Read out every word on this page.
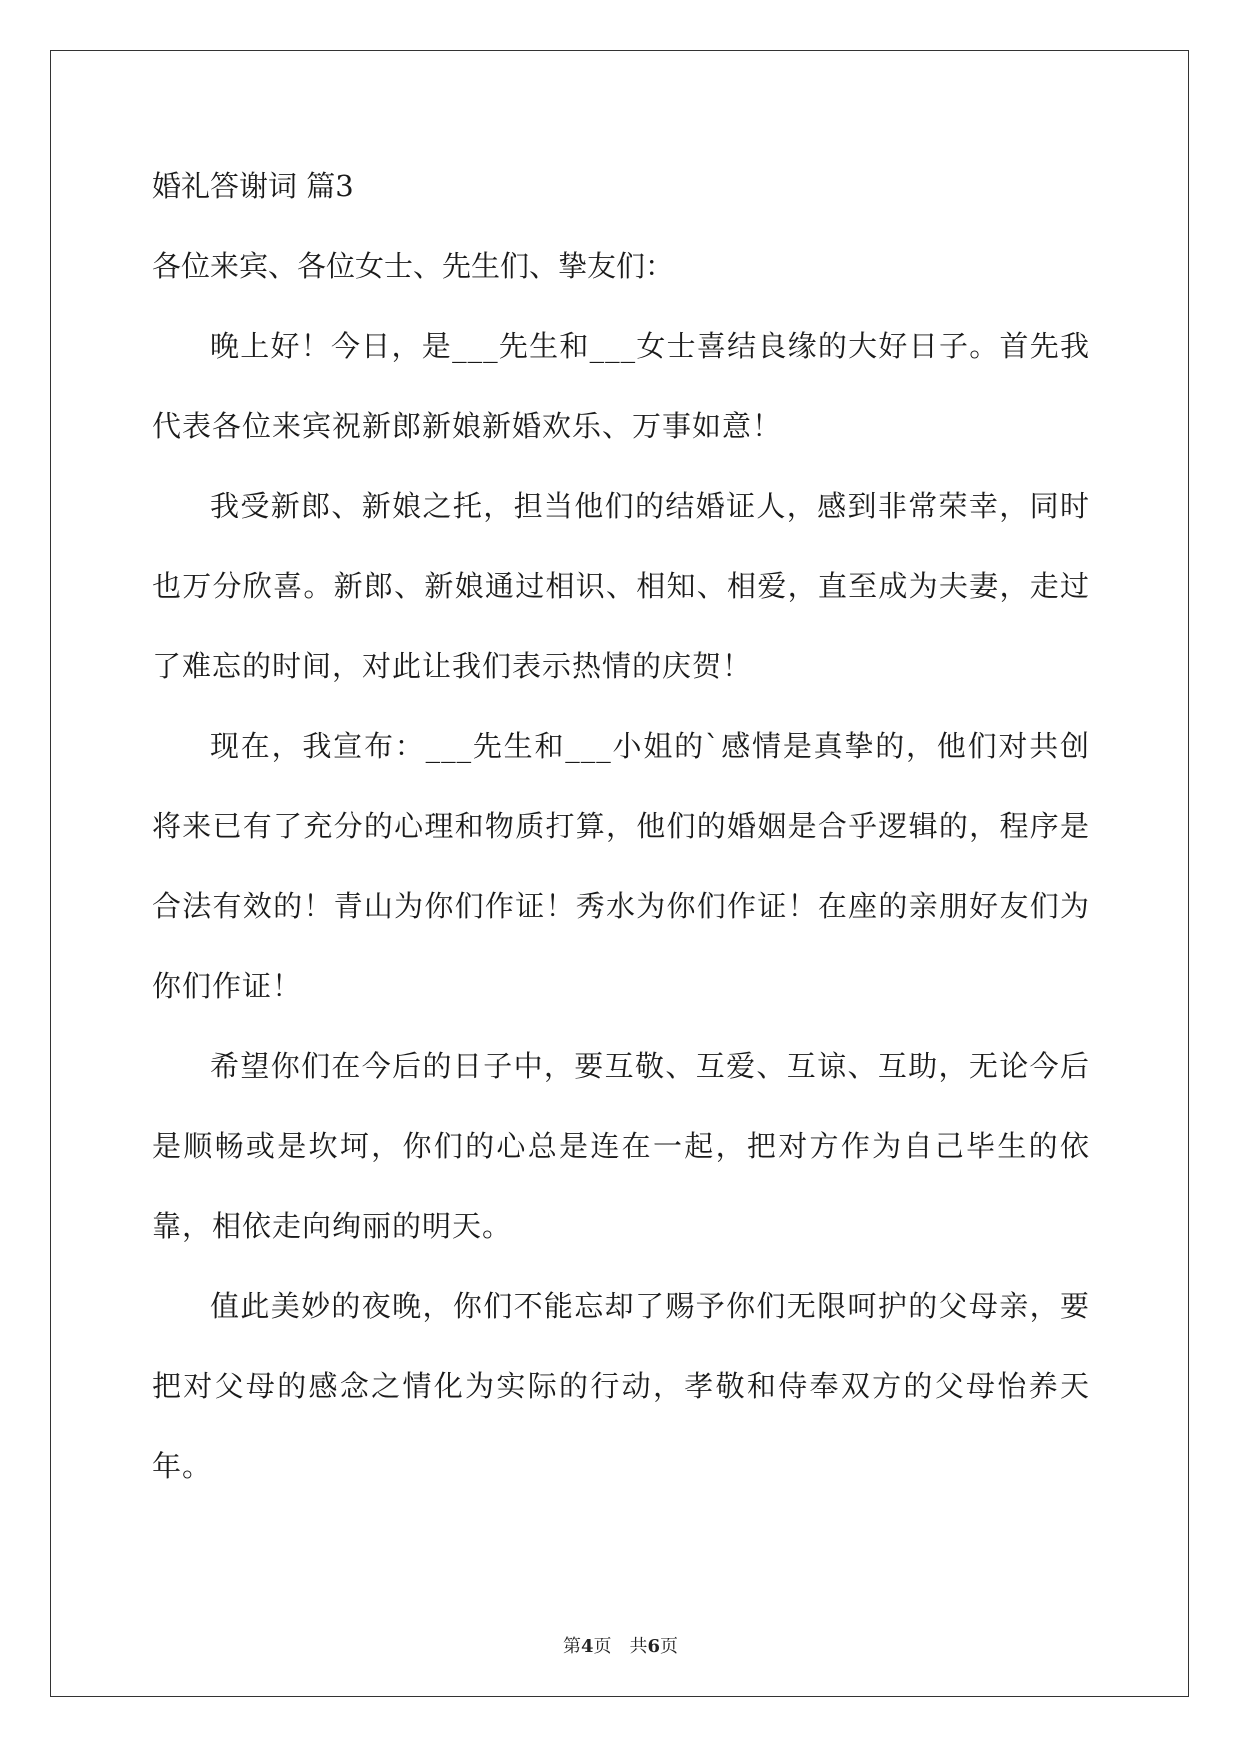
婚礼答谢词 篇3
各位来宾、各位女士、先生们、挚友们：

晚上好！今日，是___先生和___女士喜结良缘的大好日子。首先我代表各位来宾祝新郎新娘新婚欢乐、万事如意！

我受新郎、新娘之托，担当他们的结婚证人，感到非常荣幸，同时也万分欣喜。新郎、新娘通过相识、相知、相爱，直至成为夫妻，走过了难忘的时间，对此让我们表示热情的庆贺！

现在，我宣布：___先生和___小姐的`感情是真挚的，他们对共创将来已有了充分的心理和物质打算，他们的婚姻是合乎逻辑的，程序是合法有效的！青山为你们作证！秀水为你们作证！在座的亲朋好友们为你们作证！

希望你们在今后的日子中，要互敬、互爱、互谅、互助，无论今后是顺畅或是坎坷，你们的心总是连在一起，把对方作为自己毕生的依靠，相依走向绚丽的明天。

值此美妙的夜晚，你们不能忘却了赐予你们无限呵护的父母亲，要把对父母的感念之情化为实际的行动，孝敬和侍奉双方的父母怡养天年。

第4页　共6页
